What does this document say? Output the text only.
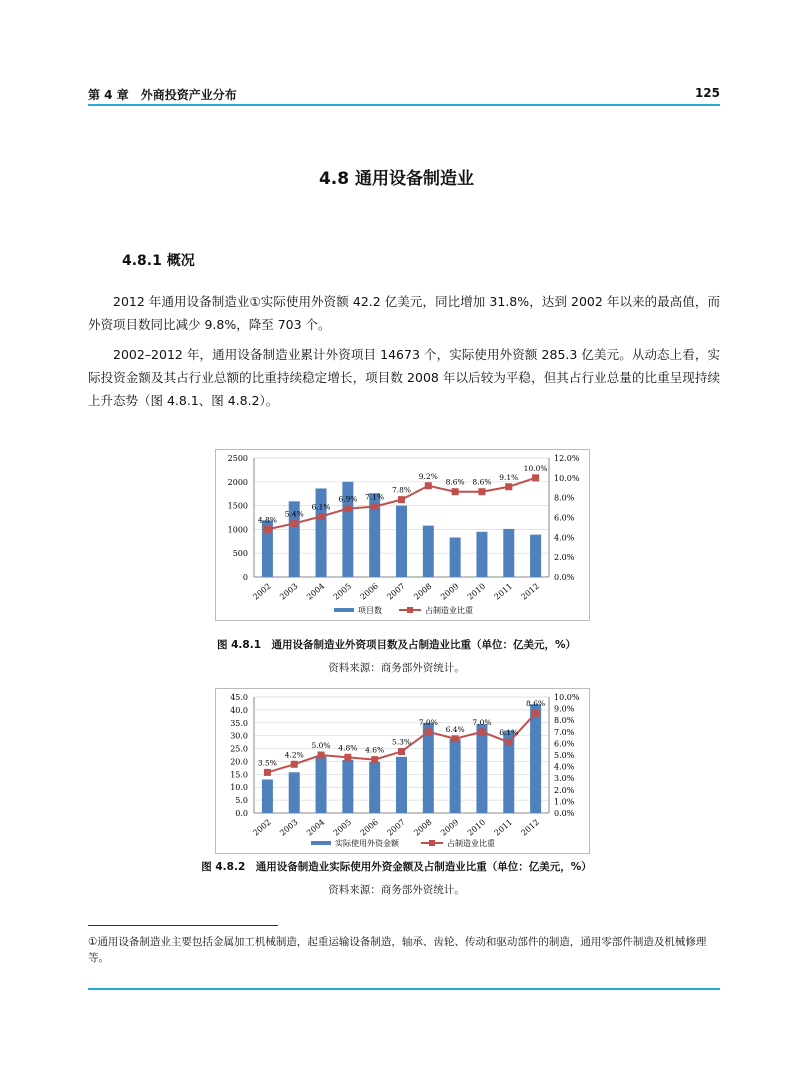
第 4 章　外商投资产业分布	125
4.8 通用设备制造业
4.8.1 概况
2012 年通用设备制造业①实际使用外资额 42.2 亿美元，同比增加 31.8%，达到 2002 年以来的最高值，而外资项目数同比减少 9.8%，降至 703 个。
2002–2012 年，通用设备制造业累计外资项目 14673 个，实际使用外资额 285.3 亿美元。从动态上看，实际投资金额及其占行业总额的比重持续稳定增长，项目数 2008 年以后较为平稳，但其占行业总量的比重呈现持续上升态势（图 4.8.1、图 4.8.2）。
0
500
1000
1500
2000
2500
0.0%
2.0%
4.0%
6.0%
8.0%
10.0%
12.0%
2002 2003 2004 2005 2006 2007 2008 2009 2010 2011 2012
4.8%
5.4%
6.1%
6.9% 7.1%
7.8%
9.2%
8.6% 8.6%
9.1%
10.0%
项目数	占制造业比重
图 4.8.1　 通用设备制造业外资项目数及占制造业比重（单位：亿美元，%）
资料来源：商务部外资统计。
0.0
5.0
10.0
15.0
20.0
25.0
30.0
35.0
40.0
45.0
0.0%
1.0%
2.0%
3.0%
4.0%
5.0%
6.0%
7.0%
8.0%
9.0%
10.0%
2002 2003 2004 2005 2006 2007 2008 2009 2010 2011 2012
3.5%
4.2%
5.0% 4.8% 4.6%
5.3%
7.0%
6.4%
7.0%
6.1%
8.6%
实际使用外资金额	占制造业比重
图 4.8.2　 通用设备制造业实际使用外资金额及占制造业比重（单位：亿美元，%）
资料来源：商务部外资统计。
①通用设备制造业主要包括金属加工机械制造，起重运输设备制造，轴承、齿轮、传动和驱动部件的制造，通用零部件制造及机械修理等。
